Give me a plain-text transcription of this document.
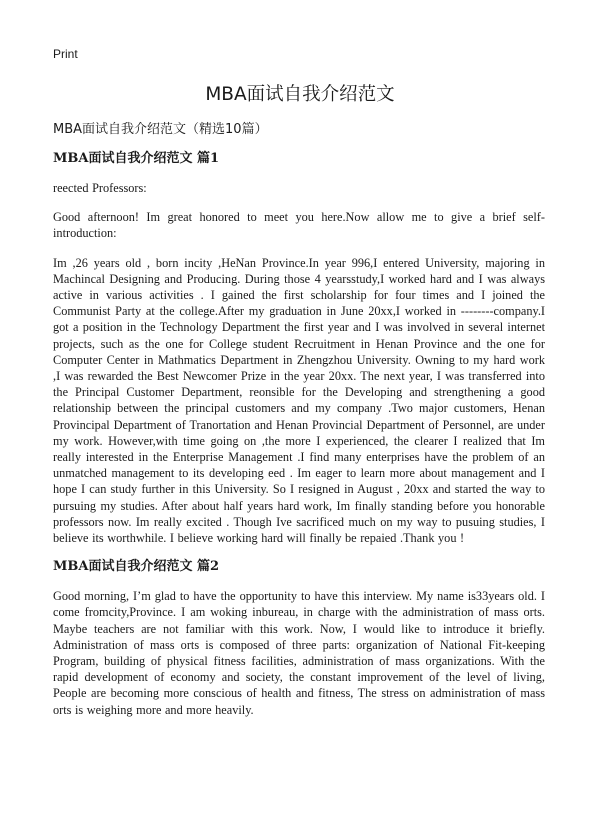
Print
MBA面试自我介绍范文
MBA面试自我介绍范文（精选10篇）
MBA面试自我介绍范文 篇1

reected Professors:

Good afternoon! Im great honored to meet you here.Now allow me to give a brief self-introduction:

Im ,26 years old , born incity ,HeNan Province.In year 996,I entered University, majoring in Machincal Designing and Producing. During those 4 yearsstudy,I worked hard and I was always active in various activities . I gained the first scholarship for four times and I joined the Communist Party at the college.After my graduation in June 20xx,I worked in --------company.I got a position in the Technology Department the first year and I was involved in several internet projects, such as the one for College student Recruitment in Henan Province and the one for Computer Center in Mathmatics Department in Zhengzhou University. Owning to my hard work ,I was rewarded the Best Newcomer Prize in the year 20xx. The next year, I was transferred into the Principal Customer Department, reonsible for the Developing and strengthening a good relationship between the principal customers and my company .Two major customers, Henan Provincipal Department of Tranortation and Henan Provincial Department of Personnel, are under my work. However,with time going on ,the more I experienced, the clearer I realized that Im really interested in the Enterprise Management .I find many enterprises have the problem of an unmatched management to its developing eed . Im eager to learn more about management and I hope I can study further in this University. So I resigned in August , 20xx and started the way to pursuing my studies. After about half years hard work, Im finally standing before you honorable professors now. Im really excited . Though Ive sacrificed much on my way to pusuing studies, I believe its worthwhile. I believe working hard will finally be repaied .Thank you !

MBA面试自我介绍范文 篇2

Good morning, I’m glad to have the opportunity to have this interview. My name is33years old. I come fromcity,Province. I am woking inbureau, in charge with the administration of mass orts. Maybe teachers are not familiar with this work. Now, I would like to introduce it briefly. Administration of mass orts is composed of three parts: organization of National Fit-keeping Program, building of physical fitness facilities, administration of mass organizations. With the rapid development of economy and society, the constant improvement of the level of living, People are becoming more conscious of health and fitness, The stress on administration of mass orts is weighing more and more heavily.
